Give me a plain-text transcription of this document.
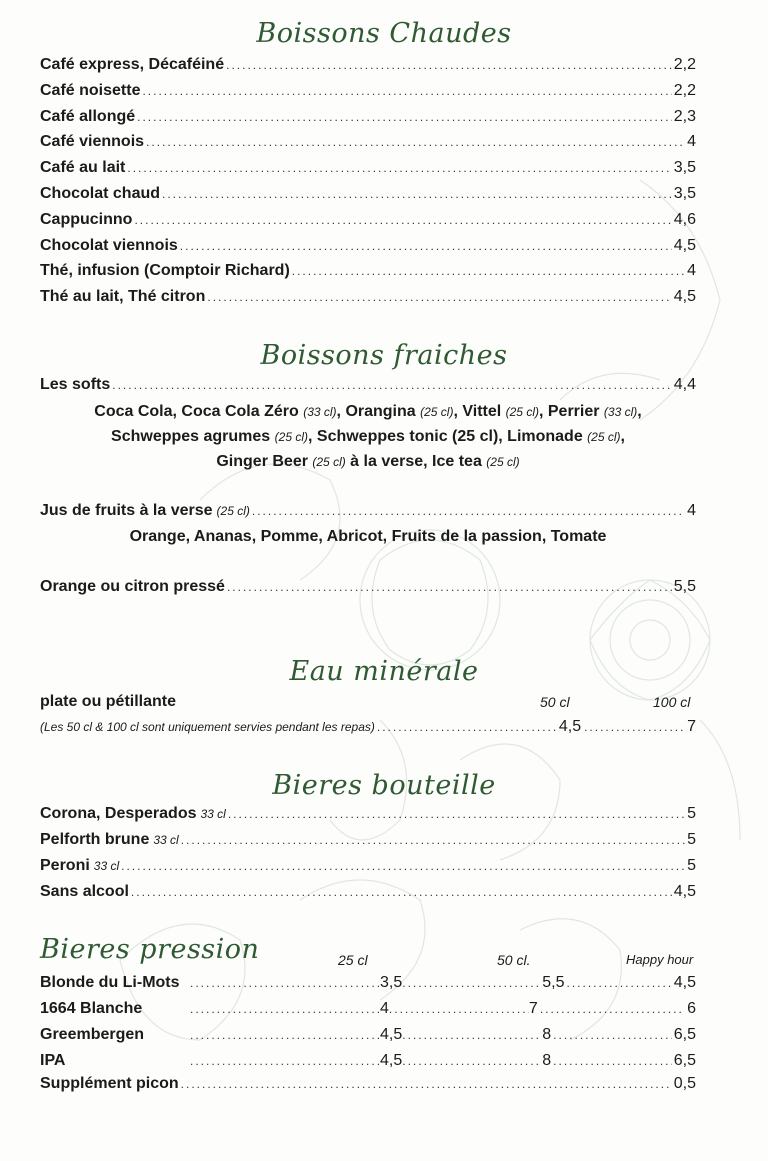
Boissons Chaudes
Café express, Décaféiné .....	2,2
Café noisette .....	2,2
Café allongé .....	2,3
Café viennois .....	4
Café au lait .....	3,5
Chocolat chaud .....	3,5
Cappucinno .....	4,6
Chocolat viennois .....	4,5
Thé, infusion (Comptoir Richard) .....	4
Thé au lait, Thé citron .....	4,5
Boissons fraiches
Les softs .....	4,4
Coca Cola, Coca Cola Zéro (33 cl), Orangina (25 cl), Vittel (25 cl), Perrier (33 cl),
Schweppes agrumes (25 cl), Schweppes tonic (25 cl), Limonade (25 cl),
Ginger Beer (25 cl) à la verse, Ice tea (25 cl)
Jus de fruits à la verse (25 cl) .....	4
Orange, Ananas, Pomme, Abricot, Fruits de la passion, Tomate
Orange ou citron pressé .....	5,5
Eau minérale
plate ou pétillante	50 cl	100 cl
(Les 50 cl & 100 cl sont uniquement servies pendant les repas) .....	4,5 .....	7
Bieres bouteille
Corona, Desperados 33 cl .....	5
Pelforth brune 33 cl .....	5
Peroni 33 cl .....	5
Sans alcool .....	4,5
Bieres pression	25 cl	50 cl.	Happy hour
Blonde du Li-Mots .....	3,5 .....	5,5 .....	4,5
1664 Blanche .....	4 .....	7 .....	6
Greembergen .....	4,5 .....	8 .....	6,5
IPA .....	4,5 .....	8 .....	6,5
Supplément picon .....	0,5
